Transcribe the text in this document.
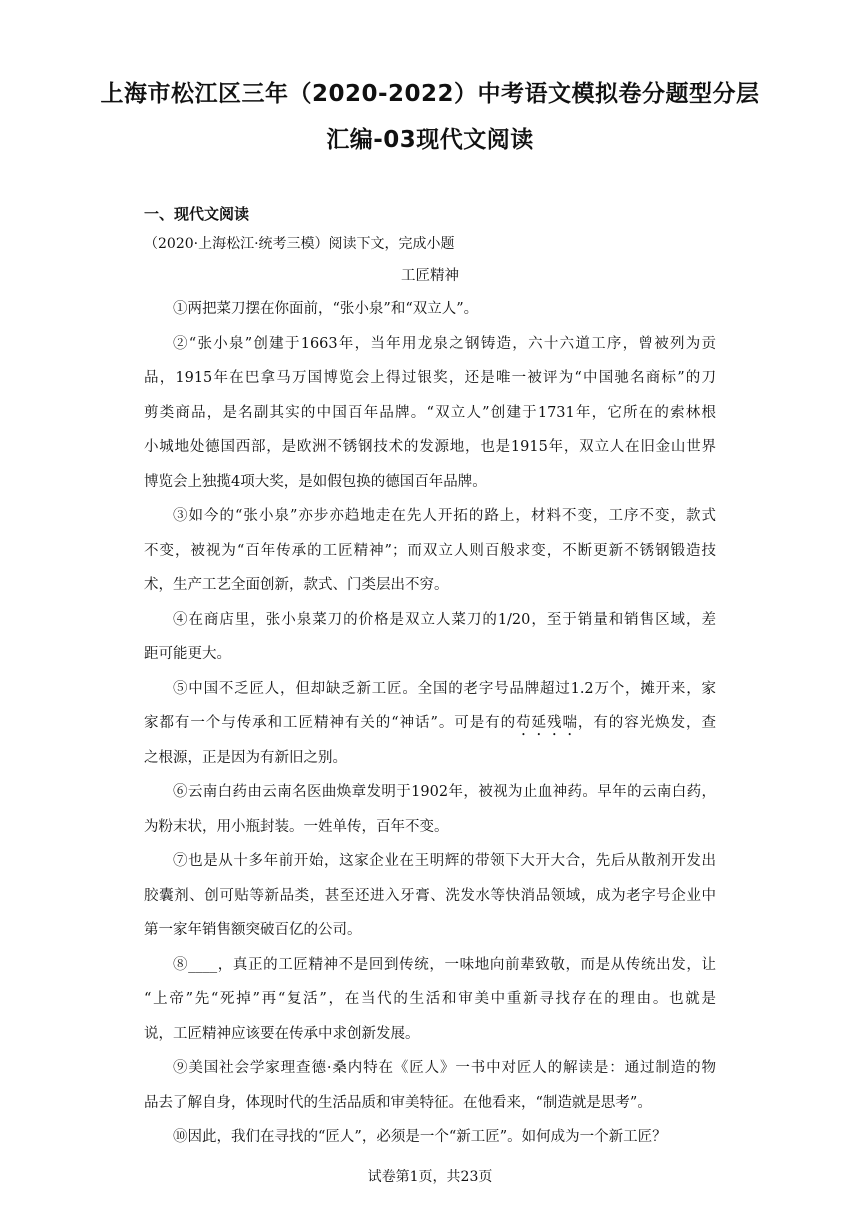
上海市松江区三年（2020-2022）中考语文模拟卷分题型分层
汇编-03现代文阅读
一、现代文阅读
（2020·上海松江·统考三模）阅读下文，完成小题
工匠精神
①两把菜刀摆在你面前，“张小泉”和“双立人”。
②“张小泉”创建于1663年，当年用龙泉之钢铸造，六十六道工序，曾被列为贡
品，1915年在巴拿马万国博览会上得过银奖，还是唯一被评为“中国驰名商标”的刀
剪类商品，是名副其实的中国百年品牌。“双立人”创建于1731年，它所在的索林根
小城地处德国西部，是欧洲不锈钢技术的发源地，也是1915年，双立人在旧金山世界
博览会上独揽4项大奖，是如假包换的德国百年品牌。
③如今的“张小泉”亦步亦趋地走在先人开拓的路上，材料不变，工序不变，款式
不变，被视为“百年传承的工匠精神”；而双立人则百般求变，不断更新不锈钢锻造技
术，生产工艺全面创新，款式、门类层出不穷。
④在商店里，张小泉菜刀的价格是双立人菜刀的1/20，至于销量和销售区域，差
距可能更大。
⑤中国不乏匠人，但却缺乏新工匠。全国的老字号品牌超过1.2万个，摊开来，家
家都有一个与传承和工匠精神有关的“神话”。可是有的苟延残喘，有的容光焕发，查
之根源，正是因为有新旧之别。
⑥云南白药由云南名医曲焕章发明于1902年，被视为止血神药。早年的云南白药，
为粉末状，用小瓶封装。一姓单传，百年不变。
⑦也是从十多年前开始，这家企业在王明辉的带领下大开大合，先后从散剂开发出
胶囊剂、创可贴等新品类，甚至还进入牙膏、洗发水等快消品领域，成为老字号企业中
第一家年销售额突破百亿的公司。
⑧____，真正的工匠精神不是回到传统，一味地向前辈致敬，而是从传统出发，让
“上帝”先“死掉”再“复活”，在当代的生活和审美中重新寻找存在的理由。也就是
说，工匠精神应该要在传承中求创新发展。
⑨美国社会学家理查德·桑内特在《匠人》一书中对匠人的解读是：通过制造的物
品去了解自身，体现时代的生活品质和审美特征。在他看来，“制造就是思考”。
⑩因此，我们在寻找的“匠人”，必须是一个“新工匠”。如何成为一个新工匠？
试卷第1页，共23页
